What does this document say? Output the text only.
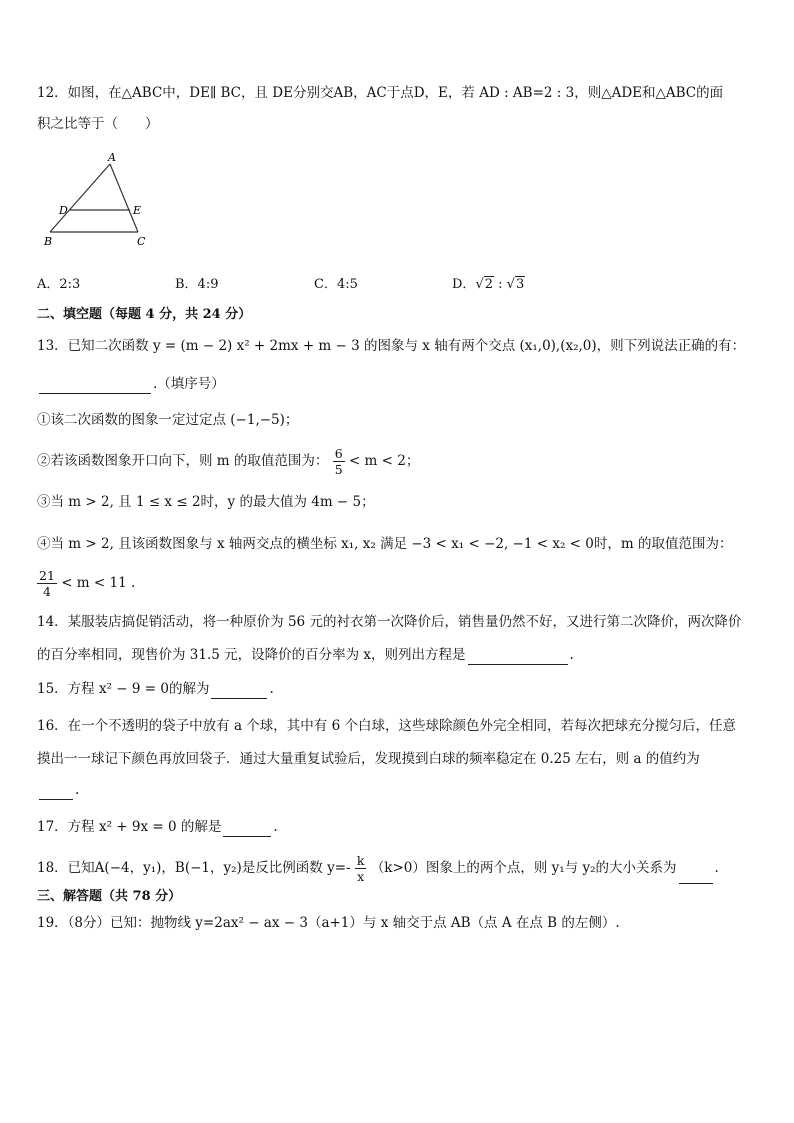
12．如图，在△ABC中，DE∥ BC，且 DE分别交AB，AC于点D，E，若 AD : AB=2 : 3，则△ADE和△ABC的面
积之比等于（　　）
A
D	E
B	C
A．2:3	B．4:9	C．4:5	D．√2 : √3
二、填空题（每题 4 分，共 24 分）
13．已知二次函数 y = (m − 2) x² + 2mx + m − 3 的图象与 x 轴有两个交点 (x₁,0),(x₂,0)，则下列说法正确的有：
.（填序号）
①该二次函数的图象一定过定点 (−1,−5)；
②若该函数图象开口向下，则 m 的取值范围为： $\frac{6}{5} < m < 2$；
③当 m > 2, 且 1 ≤ x ≤ 2时，y 的最大值为 4m − 5；
④当 m > 2, 且该函数图象与 x 轴两交点的横坐标 x₁, x₂ 满足 −3 < x₁ < −2, −1 < x₂ < 0时，m 的取值范围为：
$\frac{21}{4} < m < 11$ .
14．某服装店搞促销活动，将一种原价为 56 元的衬衣第一次降价后，销售量仍然不好，又进行第二次降价，两次降价
的百分率相同，现售价为 31.5 元，设降价的百分率为 x，则列出方程是	.
15．方程 x² − 9 = 0的解为	.
16．在一个不透明的袋子中放有 a 个球，其中有 6 个白球，这些球除颜色外完全相同，若每次把球充分搅匀后，任意
摸出一一球记下颜色再放回袋子．通过大量重复试验后，发现摸到白球的频率稳定在 0.25 左右，则 a 的值约为
.
17．方程 x² + 9x = 0 的解是	.
18．已知A(−4，y₁)，B(−1，y₂)是反比例函数 $y=- \frac{k}{x} (k>0)$图象上的两个点，则 y₁与 y₂的大小关系为	.
三、解答题（共 78 分）
19．（8分）已知：抛物线 y=2ax² − ax − 3（a+1）与 x 轴交于点 AB（点 A 在点 B 的左侧）.
